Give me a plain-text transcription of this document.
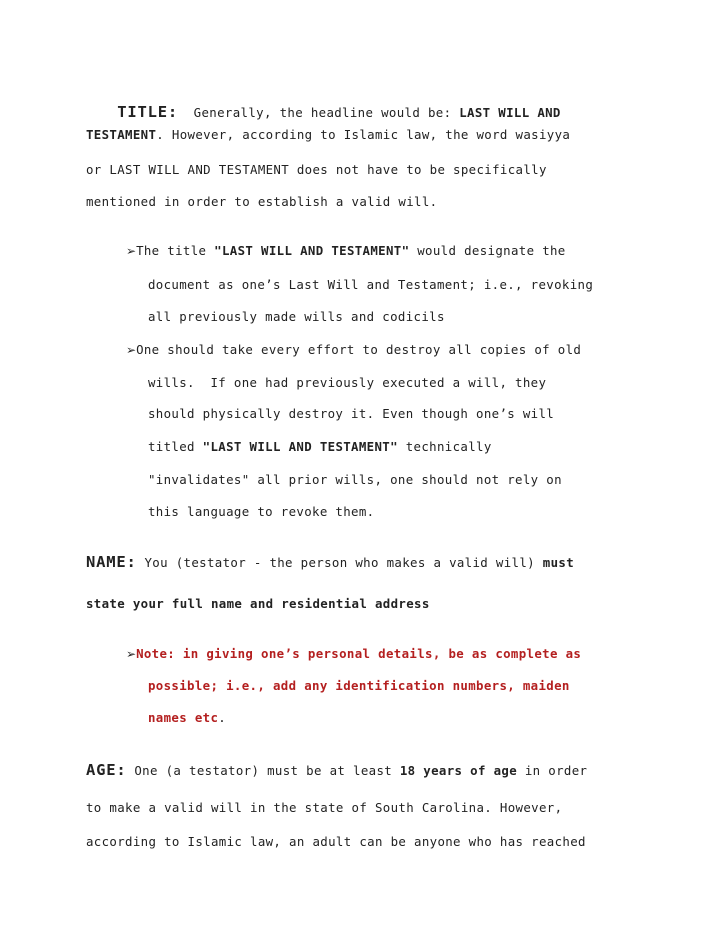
TITLE: Generally, the headline would be: LAST WILL AND

TESTAMENT. However, according to Islamic law, the word wasiyya
or LAST WILL AND TESTAMENT does not have to be specifically
mentioned in order to establish a valid will.
➢The title "LAST WILL AND TESTAMENT" would designate the
document as one’s Last Will and Testament; i.e., revoking
all previously made wills and codicils
➢One should take every effort to destroy all copies of old
wills.  If one had previously executed a will, they
should physically destroy it. Even though one’s will
titled "LAST WILL AND TESTAMENT" technically
"invalidates" all prior wills, one should not rely on
this language to revoke them.
NAME: You (testator - the person who makes a valid will) must
state your full name and residential address
➢Note: in giving one’s personal details, be as complete as
possible; i.e., add any identification numbers, maiden
names etc.
AGE: One (a testator) must be at least 18 years of age in order
to make a valid will in the state of South Carolina. However,
according to Islamic law, an adult can be anyone who has reached
